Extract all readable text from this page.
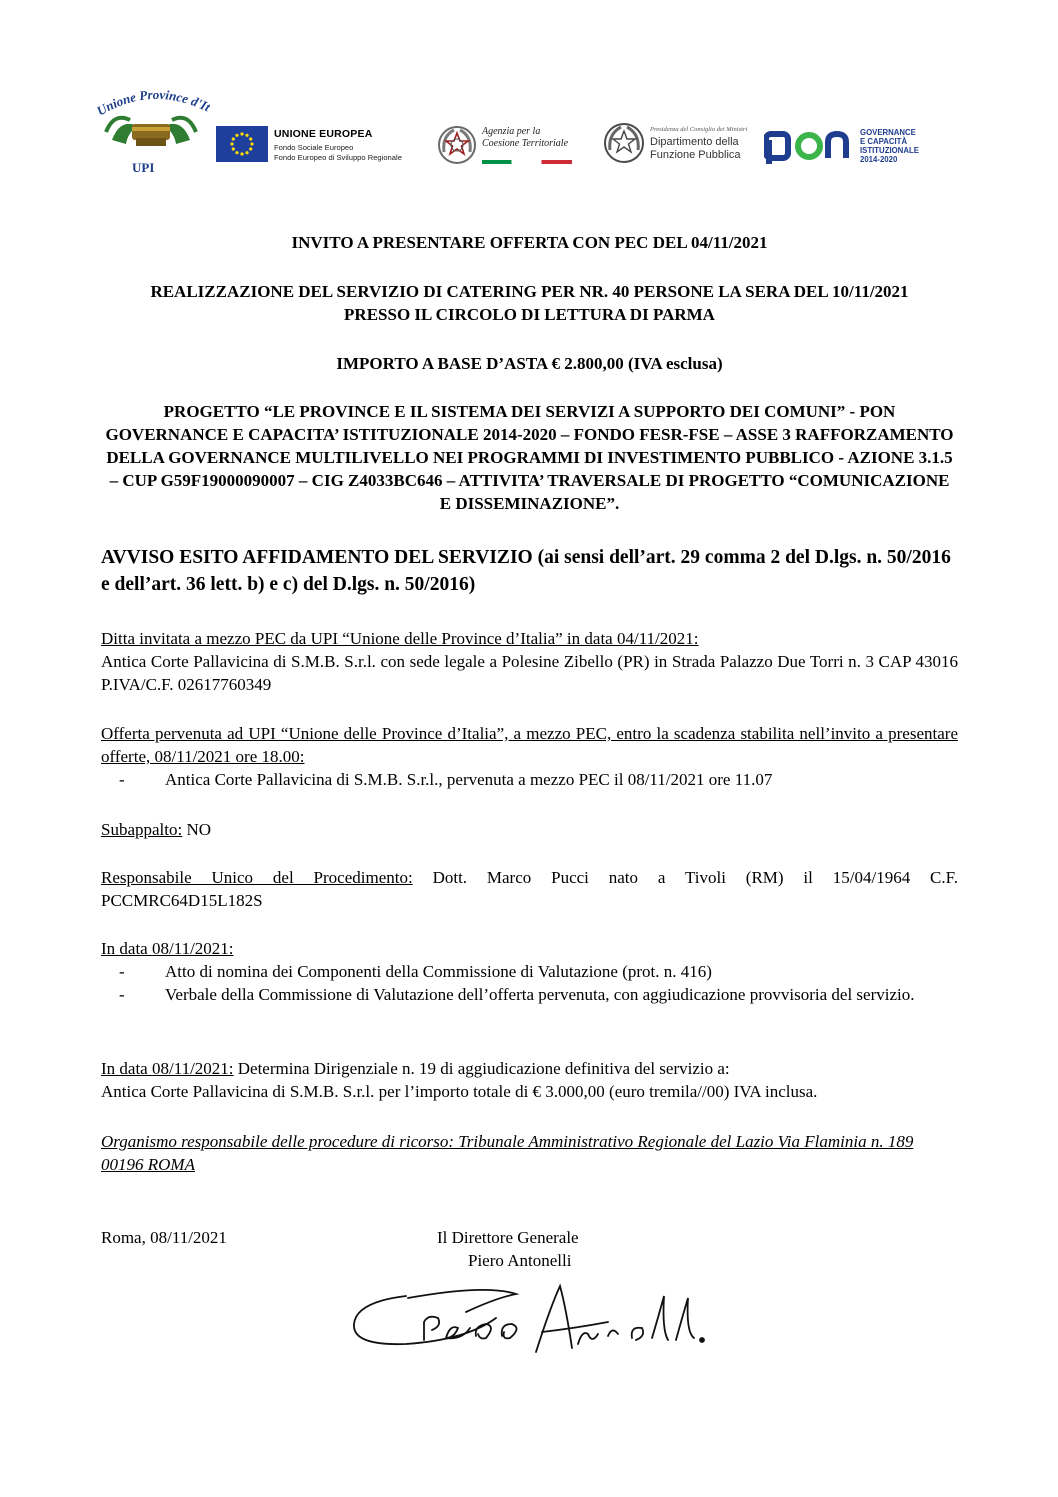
Unione Province d'I
UPI
UNIONE EUROPEA
Fondo Sociale Europeo
Fondo Europeo di Sviluppo Regionale
Agenzia per la Coesione Territoriale
Presidenza del Consiglio dei Ministri
Dipartimento della
Funzione Pubblica
PON
GOVERNANCE
E CAPACITÀ
ISTITUZIONALE
2014-2020
INVITO A PRESENTARE OFFERTA CON PEC DEL 04/11/2021
REALIZZAZIONE DEL SERVIZIO DI CATERING PER NR. 40 PERSONE LA SERA DEL 10/11/2021 PRESSO IL CIRCOLO DI LETTURA DI PARMA
IMPORTO A BASE D’ASTA € 2.800,00 (IVA esclusa)
PROGETTO “LE PROVINCE E IL SISTEMA DEI SERVIZI A SUPPORTO DEI COMUNI” - PON GOVERNANCE E CAPACITA’ ISTITUZIONALE 2014-2020 – FONDO FESR-FSE – ASSE 3 RAFFORZAMENTO DELLA GOVERNANCE MULTILIVELLO NEI PROGRAMMI DI INVESTIMENTO PUBBLICO - AZIONE 3.1.5 – CUP G59F19000090007 – CIG Z4033BC646 – ATTIVITA’ TRAVERSALE DI PROGETTO “COMUNICAZIONE E DISSEMINAZIONE”.
AVVISO ESITO AFFIDAMENTO DEL SERVIZIO (ai sensi dell’art. 29 comma 2 del D.lgs. n. 50/2016 e dell’art. 36 lett. b) e c) del D.lgs. n. 50/2016)
Ditta invitata a mezzo PEC da UPI “Unione delle Province d’Italia” in data 04/11/2021:
Antica Corte Pallavicina di S.M.B. S.r.l. con sede legale a Polesine Zibello (PR) in Strada Palazzo Due Torri n. 3 CAP 43016 P.IVA/C.F. 02617760349
Offerta pervenuta ad UPI “Unione delle Province d’Italia”, a mezzo PEC, entro la scadenza stabilita nell’invito a presentare offerte, 08/11/2021 ore 18.00:
- Antica Corte Pallavicina di S.M.B. S.r.l., pervenuta a mezzo PEC il 08/11/2021 ore 11.07
Subappalto: NO
Responsabile Unico del Procedimento: Dott. Marco Pucci nato a Tivoli (RM) il 15/04/1964 C.F. PCCMRC64D15L182S
In data 08/11/2021:
- Atto di nomina dei Componenti della Commissione di Valutazione (prot. n. 416)
- Verbale della Commissione di Valutazione dell’offerta pervenuta, con aggiudicazione provvisoria del servizio.
In data 08/11/2021: Determina Dirigenziale n. 19 di aggiudicazione definitiva del servizio a:
Antica Corte Pallavicina di S.M.B. S.r.l. per l’importo totale di € 3.000,00 (euro tremila//00) IVA inclusa.
Organismo responsabile delle procedure di ricorso: Tribunale Amministrativo Regionale del Lazio Via Flaminia n. 189 00196 ROMA
Roma, 08/11/2021	Il Direttore Generale
Piero Antonelli
